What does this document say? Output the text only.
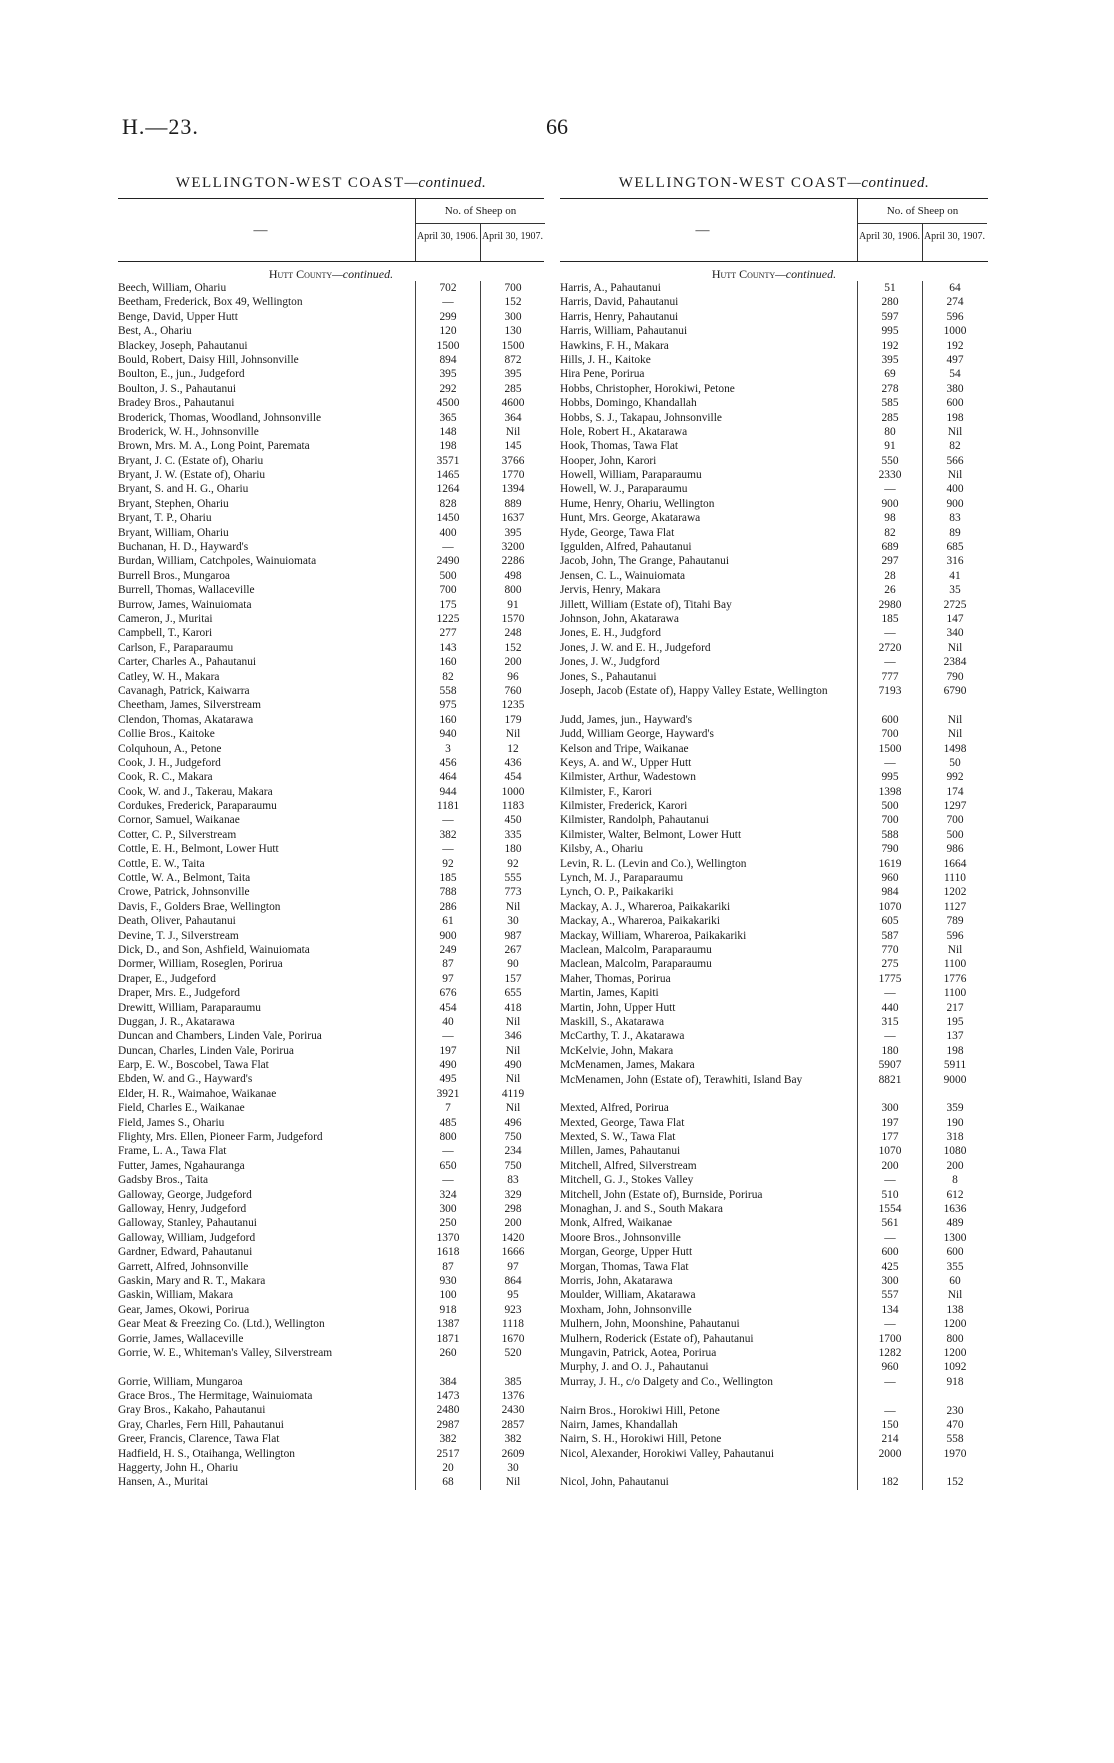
H.—23.	66
WELLINGTON-WEST COAST—continued.
—
No. of Sheep on
April 30, 1906. April 30, 1907.
Hutt County—continued.
Beech, William, Ohariu	702	700
Beetham, Frederick, Box 49, Wellington	—	152
Benge, David, Upper Hutt	299	300
Best, A., Ohariu	120	130
Blackey, Joseph, Pahautanui	1500	1500
Bould, Robert, Daisy Hill, Johnsonville	894	872
Boulton, E., jun., Judgeford	395	395
Boulton, J. S., Pahautanui	292	285
Bradey Bros., Pahautanui	4500	4600
Broderick, Thomas, Woodland, Johnsonville	365	364
Broderick, W. H., Johnsonville	148	Nil
Brown, Mrs. M. A., Long Point, Paremata	198	145
Bryant, J. C. (Estate of), Ohariu	3571	3766
Bryant, J. W. (Estate of), Ohariu	1465	1770
Bryant, S. and H. G., Ohariu	1264	1394
Bryant, Stephen, Ohariu	828	889
Bryant, T. P., Ohariu	1450	1637
Bryant, William, Ohariu	400	395
Buchanan, H. D., Hayward's	—	3200
Burdan, William, Catchpoles, Wainuiomata	2490	2286
Burrell Bros., Mungaroa	500	498
Burrell, Thomas, Wallaceville	700	800
Burrow, James, Wainuiomata	175	91
Cameron, J., Muritai	1225	1570
Campbell, T., Karori	277	248
Carlson, F., Paraparaumu	143	152
Carter, Charles A., Pahautanui	160	200
Catley, W. H., Makara	82	96
Cavanagh, Patrick, Kaiwarra	558	760
Cheetham, James, Silverstream	975	1235
Clendon, Thomas, Akatarawa	160	179
Collie Bros., Kaitoke	940	Nil
Colquhoun, A., Petone	3	12
Cook, J. H., Judgeford	456	436
Cook, R. C., Makara	464	454
Cook, W. and J., Takerau, Makara	944	1000
Cordukes, Frederick, Paraparaumu	1181	1183
Cornor, Samuel, Waikanae	—	450
Cotter, C. P., Silverstream	382	335
Cottle, E. H., Belmont, Lower Hutt	—	180
Cottle, E. W., Taita	92	92
Cottle, W. A., Belmont, Taita	185	555
Crowe, Patrick, Johnsonville	788	773
Davis, F., Golders Brae, Wellington	286	Nil
Death, Oliver, Pahautanui	61	30
Devine, T. J., Silverstream	900	987
Dick, D., and Son, Ashfield, Wainuiomata	249	267
Dormer, William, Roseglen, Porirua	87	90
Draper, E., Judgeford	97	157
Draper, Mrs. E., Judgeford	676	655
Drewitt, William, Paraparaumu	454	418
Duggan, J. R., Akatarawa	40	Nil
Duncan and Chambers, Linden Vale, Porirua	—	346
Duncan, Charles, Linden Vale, Porirua	197	Nil
Earp, E. W., Boscobel, Tawa Flat	490	490
Ebden, W. and G., Hayward's	495	Nil
Elder, H. R., Waimahoe, Waikanae	3921	4119
Field, Charles E., Waikanae	7	Nil
Field, James S., Ohariu	485	496
Flighty, Mrs. Ellen, Pioneer Farm, Judgeford	800	750
Frame, L. A., Tawa Flat	—	234
Futter, James, Ngahauranga	650	750
Gadsby Bros., Taita	—	83
Galloway, George, Judgeford	324	329
Galloway, Henry, Judgeford	300	298
Galloway, Stanley, Pahautanui	250	200
Galloway, William, Judgeford	1370	1420
Gardner, Edward, Pahautanui	1618	1666
Garrett, Alfred, Johnsonville	87	97
Gaskin, Mary and R. T., Makara	930	864
Gaskin, William, Makara	100	95
Gear, James, Okowi, Porirua	918	923
Gear Meat & Freezing Co. (Ltd.), Wellington	1387	1118
Gorrie, James, Wallaceville	1871	1670
Gorrie, W. E., Whiteman's Valley, Silverstream	260	520
Gorrie, William, Mungaroa	384	385
Grace Bros., The Hermitage, Wainuiomata	1473	1376
Gray Bros., Kakaho, Pahautanui	2480	2430
Gray, Charles, Fern Hill, Pahautanui	2987	2857
Greer, Francis, Clarence, Tawa Flat	382	382
Hadfield, H. S., Otaihanga, Wellington	2517	2609
Haggerty, John H., Ohariu	20	30
Hansen, A., Muritai	68	Nil
WELLINGTON-WEST COAST—continued.
—
No. of Sheep on
April 30, 1906. April 30, 1907.
Hutt County—continued.
Harris, A., Pahautanui	51	64
Harris, David, Pahautanui	280	274
Harris, Henry, Pahautanui	597	596
Harris, William, Pahautanui	995	1000
Hawkins, F. H., Makara	192	192
Hills, J. H., Kaitoke	395	497
Hira Pene, Porirua	69	54
Hobbs, Christopher, Horokiwi, Petone	278	380
Hobbs, Domingo, Khandallah	585	600
Hobbs, S. J., Takapau, Johnsonville	285	198
Hole, Robert H., Akatarawa	80	Nil
Hook, Thomas, Tawa Flat	91	82
Hooper, John, Karori	550	566
Howell, William, Paraparaumu	2330	Nil
Howell, W. J., Paraparaumu	—	400
Hume, Henry, Ohariu, Wellington	900	900
Hunt, Mrs. George, Akatarawa	98	83
Hyde, George, Tawa Flat	82	89
Iggulden, Alfred, Pahautanui	689	685
Jacob, John, The Grange, Pahautanui	297	316
Jensen, C. L., Wainuiomata	28	41
Jervis, Henry, Makara	26	35
Jillett, William (Estate of), Titahi Bay	2980	2725
Johnson, John, Akatarawa	185	147
Jones, E. H., Judgford	—	340
Jones, J. W. and E. H., Judgeford	2720	Nil
Jones, J. W., Judgford	—	2384
Jones, S., Pahautanui	777	790
Joseph, Jacob (Estate of), Happy Valley Estate, Wellington	7193	6790
Judd, James, jun., Hayward's	600	Nil
Judd, William George, Hayward's	700	Nil
Kelson and Tripe, Waikanae	1500	1498
Keys, A. and W., Upper Hutt	—	50
Kilmister, Arthur, Wadestown	995	992
Kilmister, F., Karori	1398	174
Kilmister, Frederick, Karori	500	1297
Kilmister, Randolph, Pahautanui	700	700
Kilmister, Walter, Belmont, Lower Hutt	588	500
Kilsby, A., Ohariu	790	986
Levin, R. L. (Levin and Co.), Wellington	1619	1664
Lynch, M. J., Paraparaumu	960	1110
Lynch, O. P., Paikakariki	984	1202
Mackay, A. J., Whareroa, Paikakariki	1070	1127
Mackay, A., Whareroa, Paikakariki	605	789
Mackay, William, Whareroa, Paikakariki	587	596
Maclean, Malcolm, Paraparaumu	770	Nil
Maclean, Malcolm, Paraparaumu	275	1100
Maher, Thomas, Porirua	1775	1776
Martin, James, Kapiti	—	1100
Martin, John, Upper Hutt	440	217
Maskill, S., Akatarawa	315	195
McCarthy, T. J., Akatarawa	—	137
McKelvie, John, Makara	180	198
McMenamen, James, Makara	5907	5911
McMenamen, John (Estate of), Terawhiti, Island Bay	8821	9000
Mexted, Alfred, Porirua	300	359
Mexted, George, Tawa Flat	197	190
Mexted, S. W., Tawa Flat	177	318
Millen, James, Pahautanui	1070	1080
Mitchell, Alfred, Silverstream	200	200
Mitchell, G. J., Stokes Valley	—	8
Mitchell, John (Estate of), Burnside, Porirua	510	612
Monaghan, J. and S., South Makara	1554	1636
Monk, Alfred, Waikanae	561	489
Moore Bros., Johnsonville	—	1300
Morgan, George, Upper Hutt	600	600
Morgan, Thomas, Tawa Flat	425	355
Morris, John, Akatarawa	300	60
Moulder, William, Akatarawa	557	Nil
Moxham, John, Johnsonville	134	138
Mulhern, John, Moonshine, Pahautanui	—	1200
Mulhern, Roderick (Estate of), Pahautanui	1700	800
Mungavin, Patrick, Aotea, Porirua	1282	1200
Murphy, J. and O. J., Pahautanui	960	1092
Murray, J. H., c/o Dalgety and Co., Wellington	—	918
Nairn Bros., Horokiwi Hill, Petone	—	230
Nairn, James, Khandallah	150	470
Nairn, S. H., Horokiwi Hill, Petone	214	558
Nicol, Alexander, Horokiwi Valley, Pahautanui	2000	1970
Nicol, John, Pahautanui	182	152
